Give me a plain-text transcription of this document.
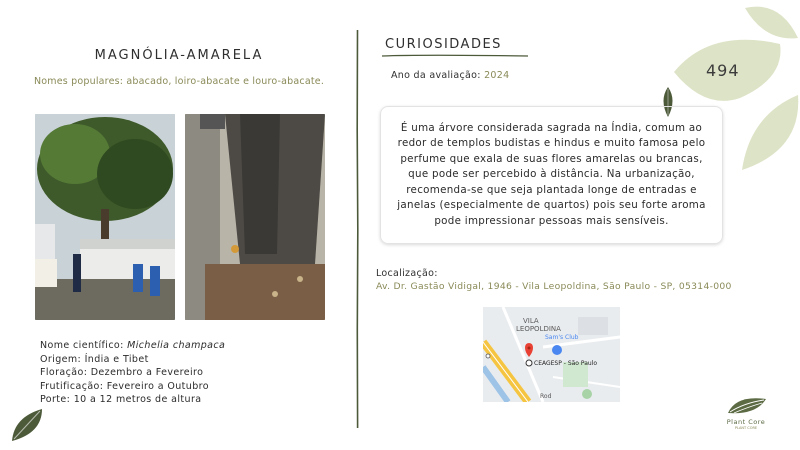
MAGNÓLIA-AMARELA
Nomes populares: abacado, loiro-abacate e louro-abacate.
Nome científico: Michelia champaca
Origem: Índia e Tibet
Floração: Dezembro a Fevereiro
Frutificação: Fevereiro a Outubro
Porte: 10 a 12 metros de altura
CURIOSIDADES
Ano da avaliação: 2024

É uma árvore considerada sagrada na Índia, comum ao redor de templos budistas e hindus e muito famosa pelo perfume que exala de suas flores amarelas ou brancas, que pode ser percebido à distância. Na urbanização, recomenda-se que seja plantada longe de entradas e janelas (especialmente de quartos) pois seu forte aroma pode impressionar pessoas mais sensíveis.

Localização:
Av. Dr. Gastão Vidigal, 1946 - Vila Leopoldina, São Paulo - SP, 05314-000
VILA
LEOPOLDINA
Sam's Club
CEAGESP - São Paulo
Rod
494
Plant Core
PLANT CORE
